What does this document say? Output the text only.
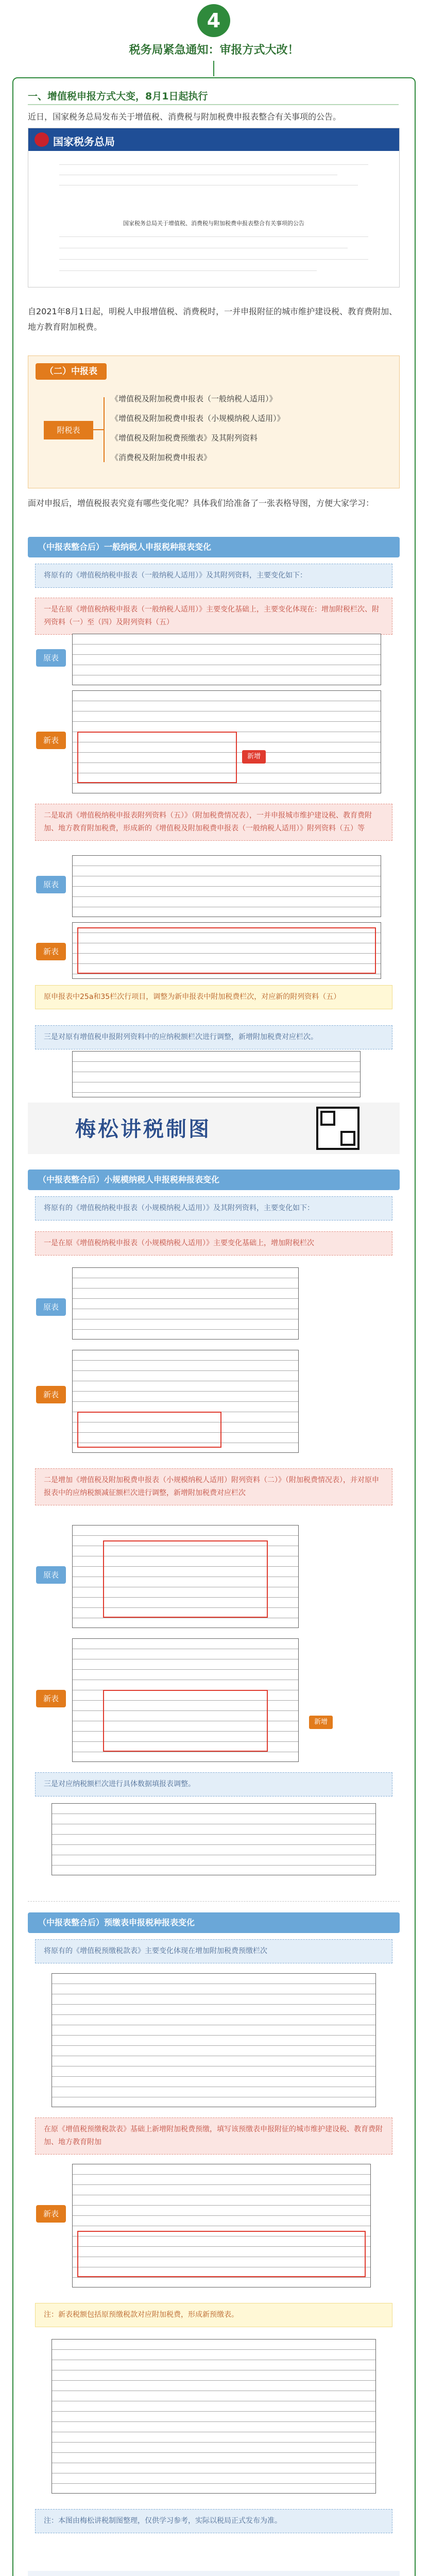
4
税务局紧急通知：审报方式大改！
一、增值税申报方式大变，8月1日起执行
近日，国家税务总局发布关于增值税、消费税与附加税费申报表整合有关事项的公告。
国家税务总局
国家税务总局关于增值税、消费税与附加税费申报表整合有关事项的公告
自2021年8月1日起，明税人申报增值税、消费税时，一并申报附征的城市维护建设税、教育费附加、地方教育附加税费。
（二）中报表
附税表
《增值税及附加税费申报表（一般纳税人适用）》
《增值税及附加税费申报表（小规模纳税人适用）》
《增值税及附加税费预缴表》及其附列资料
《消费税及附加税费申报表》
面对申报后，增值税报表究竟有哪些变化呢？具体我们给准备了一张表格导图，方便大家学习：
（中报表整合后）一般纳税人申报税种报表变化
将原有的《增值税纳税申报表（一般纳税人适用）》及其附列资料，主要变化如下：
一是在原《增值税纳税申报表（一般纳税人适用）》主要变化基础上，主要变化体现在：增加附税栏次、附列资料（一）至（四）及附列资料（五）
原表
新表
新增
二是取消《增值税纳税申报表附列资料（五）》（附加税费情况表），一并申报城市维护建设税、教育费附加、地方教育附加税费，形成新的《增值税及附加税费申报表（一般纳税人适用）》附列资料（五）等
原表
新表
原申报表中25a和35栏次行项目，调整为新申报表中附加税费栏次，对应新的附列资料（五）
三是对原有增值税申报附列资料中的应纳税额栏次进行调整，新增附加税费对应栏次。
梅松讲税制图
（中报表整合后）小规模纳税人申报税种报表变化
将原有的《增值税纳税申报表（小规模纳税人适用）》及其附列资料，主要变化如下：
一是在原《增值税纳税申报表（小规模纳税人适用）》主要变化基础上，增加附税栏次
原表
新表
二是增加《增值税及附加税费申报表（小规模纳税人适用）附列资料（二）》（附加税费情况表），并对原申报表中的应纳税额减征额栏次进行调整，新增附加税费对应栏次
原表
新表
新增
三是对应纳税额栏次进行具体数据填报表调整。
（中报表整合后）预缴表申报税种报表变化
将原有的《增值税预缴税款表》主要变化体现在增加附加税费预缴栏次
在原《增值税预缴税款表》基础上新增附加税费预缴，填写该预缴表申报附征的城市维护建设税、教育费附加、地方教育附加
新表
注：新表税额包括原预缴税款对应附加税费，形成新预缴表。
注：本图由梅松讲税制图整理，仅供学习参考，实际以税局正式发布为准。
